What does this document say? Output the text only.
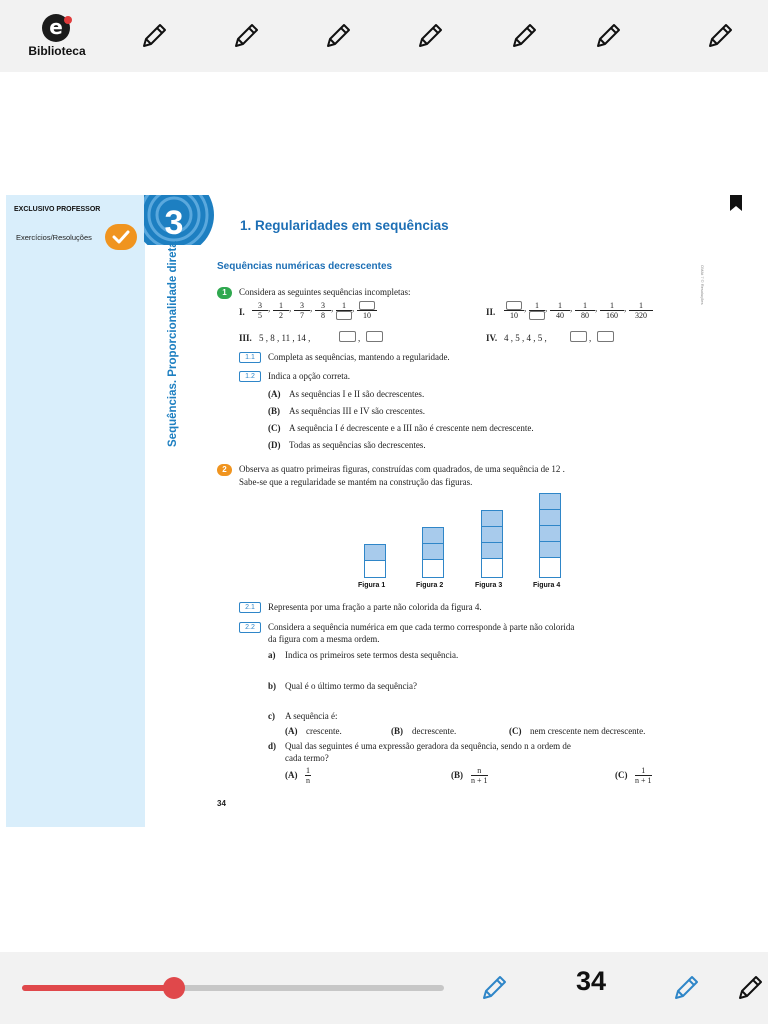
e
Biblioteca
EXCLUSIVO PROFESSOR
Exercícios/Resoluções 3
Sequências. Proporcionalidade direta	OMAt 7 © Resoluções
1. Regularidades em sequências
Sequências numéricas decrescentes
1	Considera as seguintes sequências incompletas:
I. $\frac{3}{5}$ , $\frac{1}{2}$ , $\frac{3}{7}$ , $\frac{3}{8}$ ,	1 ,
10	II.	10
,	1 , $\frac{1}{40}$ , $\frac{1}{80}$ , $\frac{1}{160}$ , $\frac{1}{320}$
III. 5 , 8 , 11 , 14 ,	,	IV. 4 , 5 , 4 , 5 ,	,
1.1	Completa as sequências, mantendo a regularidade.
1.2	Indica a opção correta.
(A) As sequências I e II são decrescentes.
(B) As sequências III e IV são crescentes.
(C) A sequência I é decrescente e a III não é crescente nem decrescente.
(D) Todas as sequências são decrescentes.
2	Observa as quatro primeiras figuras, construídas com quadrados, de uma sequência de 12 .
Sabe-se que a regularidade se mantém na construção das figuras.
Figura 1	Figura 2	Figura 3	Figura 4
2.1	Representa por uma fração a parte não colorida da figura 4.
2.2	Considera a sequência numérica em que cada termo corresponde à parte não colorida
da figura com a mesma ordem.
a) Indica os primeiros sete termos desta sequência.
b) Qual é o último termo da sequência?
c) A sequência é:
(A) crescente.	(B) decrescente.	(C) nem crescente nem decrescente.
d) Qual das seguintes é uma expressão geradora da sequência, sendo n a ordem de
cada termo?
$(A) \frac{1}{n}$	$(B) \frac{n}{n + 1}$	$(C) \frac{1}{n + 1}$
34
34
